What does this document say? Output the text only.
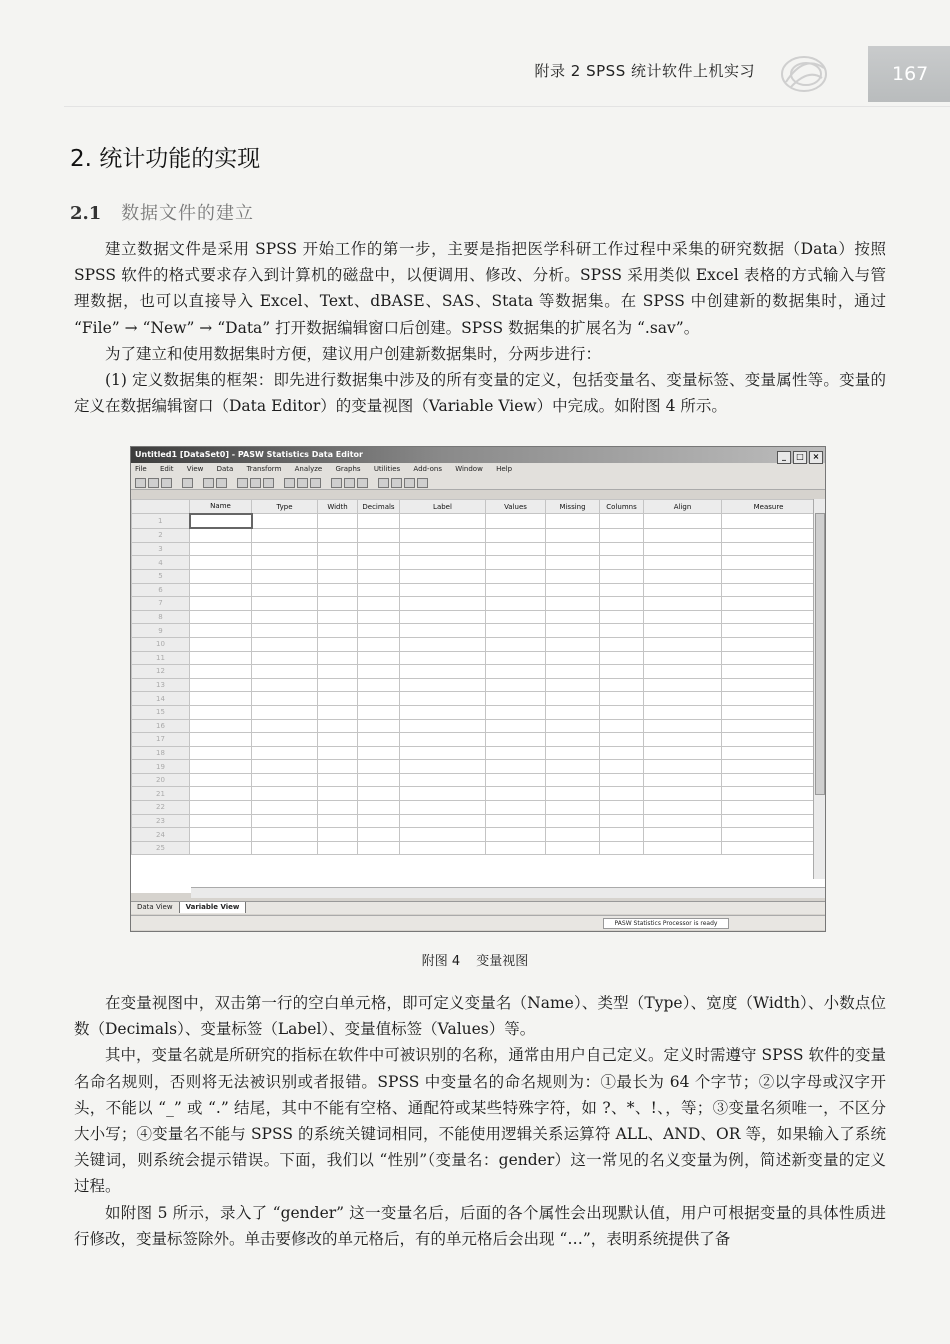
附录 2 SPSS 统计软件上机实习	167
2. 统计功能的实现
2.1 数据文件的建立

建立数据文件是采用 SPSS 开始工作的第一步，主要是指把医学科研工作过程中采集的研究数据（Data）按照 SPSS 软件的格式要求存入到计算机的磁盘中，以便调用、修改、分析。SPSS 采用类似 Excel 表格的方式输入与管理数据，也可以直接导入 Excel、Text、dBASE、SAS、Stata 等数据集。在 SPSS 中创建新的数据集时，通过 “File” → “New” → “Data” 打开数据编辑窗口后创建。SPSS 数据集的扩展名为 “.sav”。

为了建立和使用数据集时方便，建议用户创建新数据集时，分两步进行：

(1) 定义数据集的框架：即先进行数据集中涉及的所有变量的定义，包括变量名、变量标签、变量属性等。变量的定义在数据编辑窗口（Data Editor）的变量视图（Variable View）中完成。如附图 4 所示。

Untitled1 [DataSet0] - PASW Statistics Data Editor	_ □ ×
File Edit View Data Transform Analyze Graphs Utilities Add-ons Window Help
	Name	Type	Width	Decimals	Label	Values	Missing	Columns	Align	Measure
1										
2										
3										
4										
5										
6										
7										
8										
9										
10										
11										
12										
13										
14										
15										
16										
17										
18										
19										
20										
21										
22										
23										
24										
25										
Data View Variable View
PASW Statistics Processor is ready
附图 4 变量视图

在变量视图中，双击第一行的空白单元格，即可定义变量名（Name）、类型（Type）、宽度（Width）、小数点位数（Decimals）、变量标签（Label）、变量值标签（Values）等。

其中，变量名就是所研究的指标在软件中可被识别的名称，通常由用户自己定义。定义时需遵守 SPSS 软件的变量名命名规则，否则将无法被识别或者报错。SPSS 中变量名的命名规则为：①最长为 64 个字节；②以字母或汉字开头，不能以 “_” 或 “.” 结尾，其中不能有空格、通配符或某些特殊字符，如 ?、*、!、，等；③变量名须唯一，不区分大小写；④变量名不能与 SPSS 的系统关键词相同，不能使用逻辑关系运算符 ALL、AND、OR 等，如果输入了系统关键词，则系统会提示错误。下面，我们以 “性别”（变量名：gender）这一常见的名义变量为例，简述新变量的定义过程。

如附图 5 所示，录入了 “gender” 这一变量名后，后面的各个属性会出现默认值，用户可根据变量的具体性质进行修改，变量标签除外。单击要修改的单元格后，有的单元格后会出现 “…”，表明系统提供了备
